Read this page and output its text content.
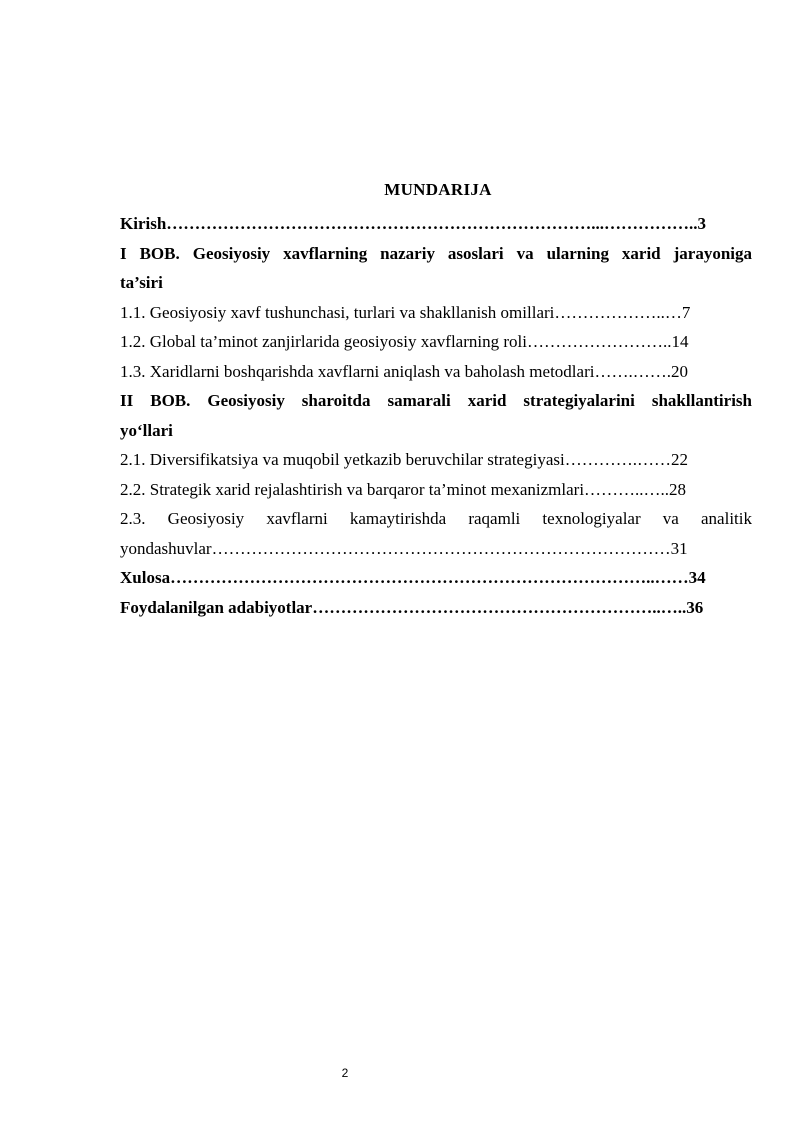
MUNDARIJA
Kirish…………………………………………………………………...……………..3
I BOB. Geosiyosiy xavflarning nazariy asoslari va ularning xarid jarayoniga
ta’siri
1.1. Geosiyosiy xavf tushunchasi, turlari va shakllanish omillari………………..…7
1.2. Global ta’minot zanjirlarida geosiyosiy xavflarning roli……………………..14
1.3. Xaridlarni boshqarishda xavflarni aniqlash va baholash metodlari…….…….20
II BOB. Geosiyosiy sharoitda samarali xarid strategiyalarini shakllantirish
yo‘llari
2.1. Diversifikatsiya va muqobil yetkazib beruvchilar strategiyasi………….……22
2.2. Strategik xarid rejalashtirish va barqaror ta’minot mexanizmlari………..…..28
2.3. Geosiyosiy xavflarni kamaytirishda raqamli texnologiyalar va analitik
yondashuvlar………………………………………………………………………31
Xulosa…………………………………………………………………………..……34
Foydalanilgan adabiyotlar……………………………………………………..…..36
2
